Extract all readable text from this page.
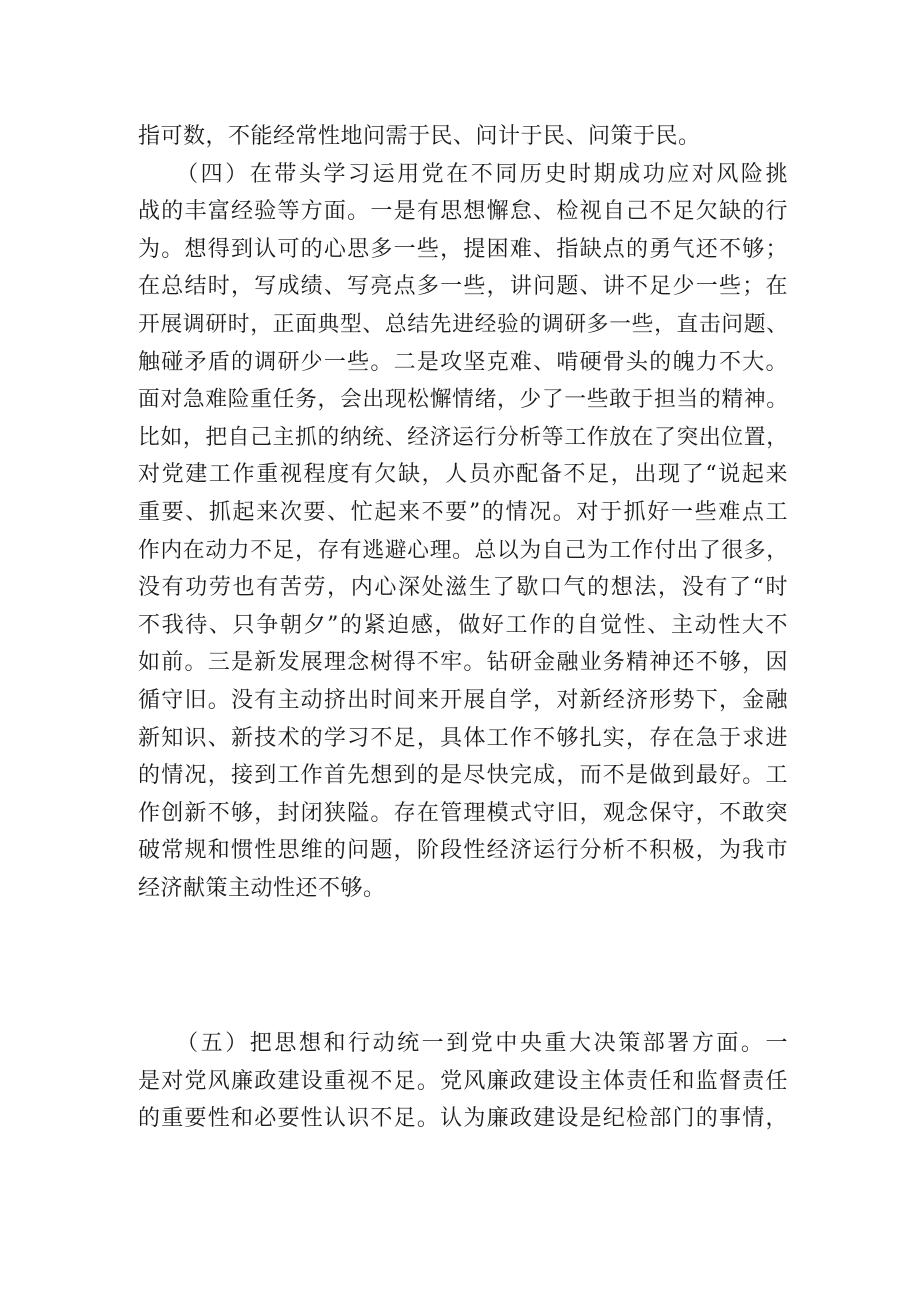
指可数，不能经常性地问需于民、问计于民、问策于民。
　　（四）在带头学习运用党在不同历史时期成功应对风险挑
战的丰富经验等方面。一是有思想懈怠、检视自己不足欠缺的行
为。想得到认可的心思多一些，提困难、指缺点的勇气还不够；
在总结时，写成绩、写亮点多一些，讲问题、讲不足少一些；在
开展调研时，正面典型、总结先进经验的调研多一些，直击问题、
触碰矛盾的调研少一些。二是攻坚克难、啃硬骨头的魄力不大。
面对急难险重任务，会出现松懈情绪，少了一些敢于担当的精神。
比如，把自己主抓的纳统、经济运行分析等工作放在了突出位置，
对党建工作重视程度有欠缺，人员亦配备不足，出现了“说起来
重要、抓起来次要、忙起来不要”的情况。对于抓好一些难点工
作内在动力不足，存有逃避心理。总以为自己为工作付出了很多，
没有功劳也有苦劳，内心深处滋生了歇口气的想法，没有了“时
不我待、只争朝夕”的紧迫感，做好工作的自觉性、主动性大不
如前。三是新发展理念树得不牢。钻研金融业务精神还不够，因
循守旧。没有主动挤出时间来开展自学，对新经济形势下，金融
新知识、新技术的学习不足，具体工作不够扎实，存在急于求进
的情况，接到工作首先想到的是尽快完成，而不是做到最好。工
作创新不够，封闭狭隘。存在管理模式守旧，观念保守，不敢突
破常规和惯性思维的问题，阶段性经济运行分析不积极，为我市
经济献策主动性还不够。
　　（五）把思想和行动统一到党中央重大决策部署方面。一
是对党风廉政建设重视不足。党风廉政建设主体责任和监督责任
的重要性和必要性认识不足。认为廉政建设是纪检部门的事情，
